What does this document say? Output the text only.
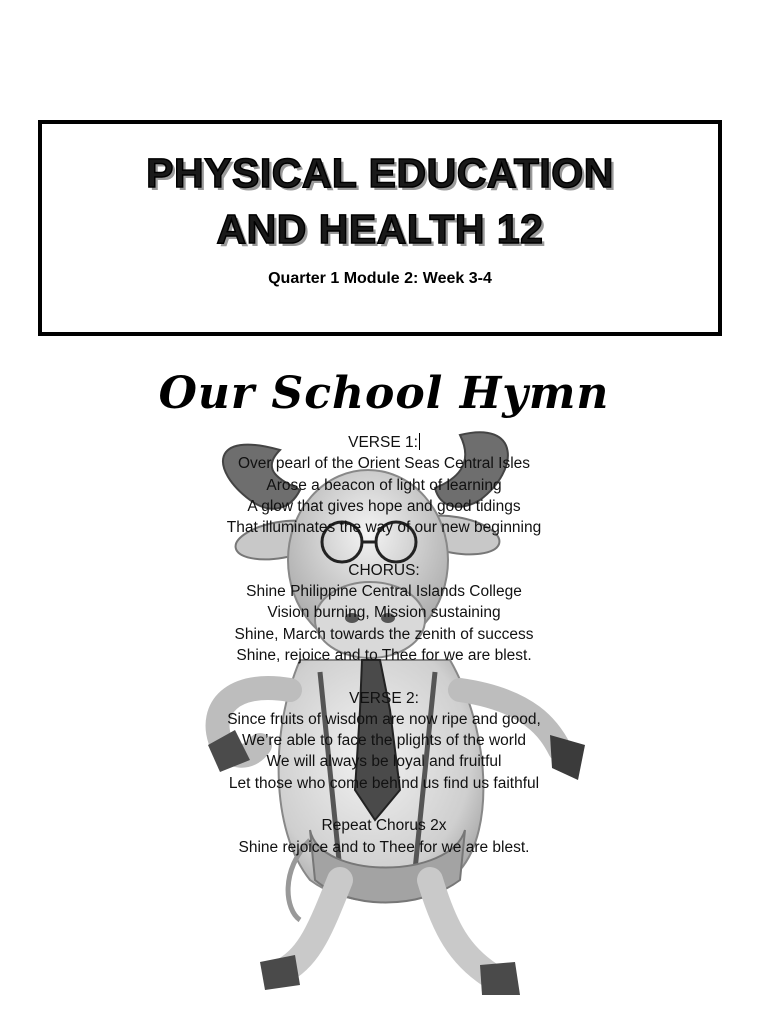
PHYSICAL EDUCATION
AND HEALTH 12
Quarter 1 Module 2: Week 3-4
Our School Hymn
VERSE 1:
Over pearl of the Orient Seas Central Isles
Arose a beacon of light of learning
A glow that gives hope and good tidings
That illuminates the way of our new beginning
CHORUS:
Shine Philippine Central Islands College
Vision burning, Mission sustaining
Shine, March towards the zenith of success
Shine, rejoice and to Thee for we are blest.
VERSE 2:
Since fruits of wisdom are now ripe and good,
We’re able to face the plights of the world
We will always be loyal and fruitful
Let those who come behind us find us faithful
Repeat Chorus 2x
Shine rejoice and to Thee for we are blest.
